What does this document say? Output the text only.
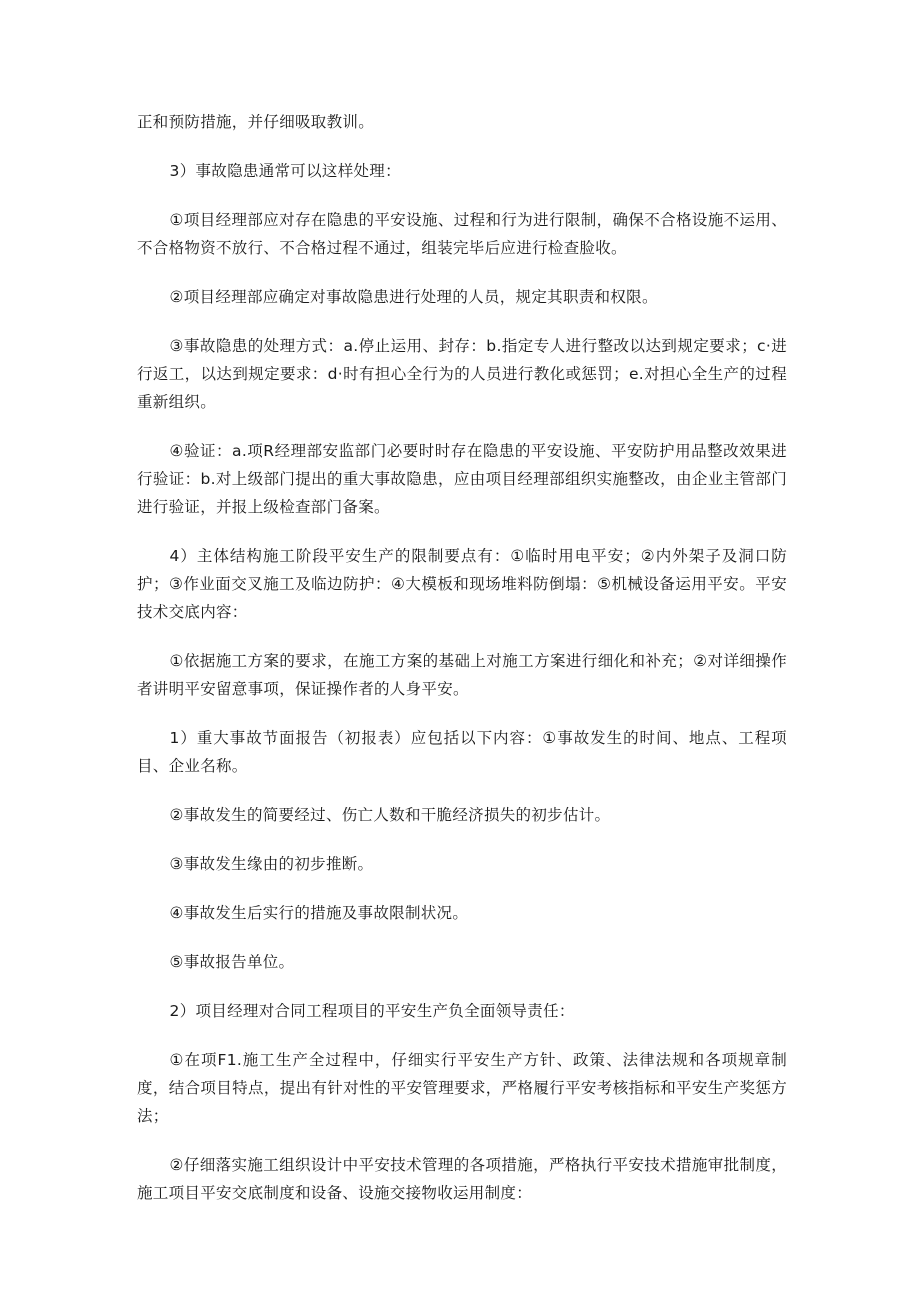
正和预防措施，并仔细吸取教训。

3）事故隐患通常可以这样处理：

①项目经理部应对存在隐患的平安设施、过程和行为进行限制，确保不合格设施不运用、不合格物资不放行、不合格过程不通过，组装完毕后应进行检查脸收。

②项目经理部应确定对事故隐患进行处理的人员，规定其职责和权限。

③事故隐患的处理方式：a.停止运用、封存：b.指定专人进行整改以达到规定要求；c·进行返工，以达到规定要求：d·时有担心全行为的人员进行教化或惩罚；e.对担心全生产的过程重新组织。

④验证：a.项R经理部安监部门必要时时存在隐患的平安设施、平安防护用品整改效果进行验证：b.对上级部门提出的重大事故隐患，应由项目经理部组织实施整改，由企业主管部门进行验证，并报上级检查部门备案。

4）主体结构施工阶段平安生产的限制要点有：①临时用电平安；②内外架子及洞口防护；③作业面交叉施工及临边防护：④大模板和现场堆料防倒塌：⑤机械设备运用平安。平安技术交底内容：

①依据施工方案的要求，在施工方案的基础上对施工方案进行细化和补充；②对详细操作者讲明平安留意事项，保证操作者的人身平安。

1）重大事故节面报告（初报表）应包括以下内容：①事故发生的时间、地点、工程项目、企业名称。

②事故发生的简要经过、伤亡人数和干脆经济损失的初步估计。

③事故发生缘由的初步推断。

④事故发生后实行的措施及事故限制状况。

⑤事故报告单位。

2）项目经理对合同工程项目的平安生产负全面领导责任：

①在项F1.施工生产全过程中，仔细实行平安生产方针、政策、法律法规和各项规章制度，结合项目特点，提出有针对性的平安管理要求，严格履行平安考核指标和平安生产奖惩方法；

②仔细落实施工组织设计中平安技术管理的各项措施，严格执行平安技术措施审批制度，施工项目平安交底制度和设备、设施交接物收运用制度：
